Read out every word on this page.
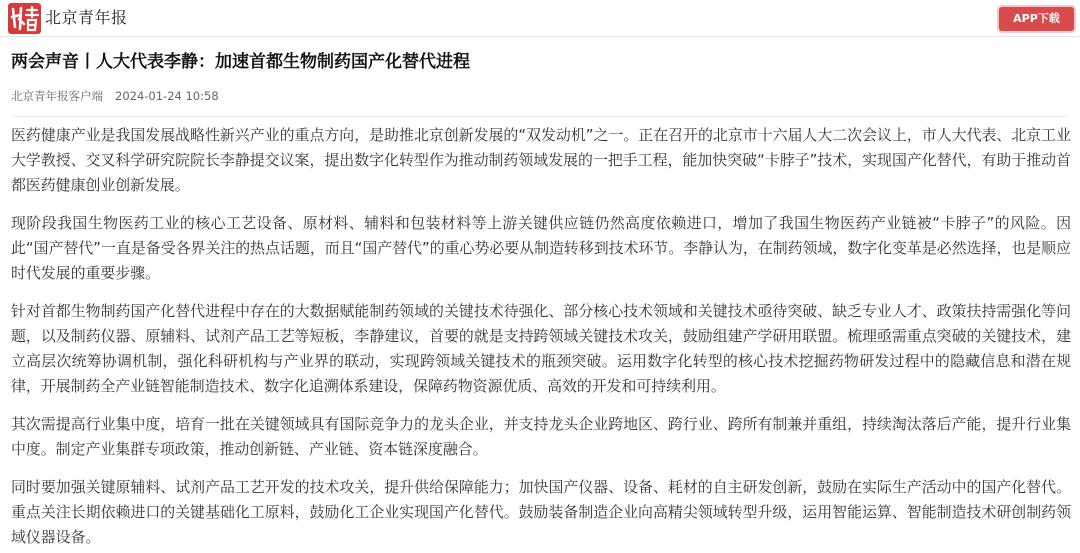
北京青年报	APP下载
两会声音丨人大代表李静：加速首都生物制药国产化替代进程
北京青年报客户端 2024-01-24 10:58

医药健康产业是我国发展战略性新兴产业的重点方向，是助推北京创新发展的“双发动机”之一。正在召开的北京市十六届人大二次会议上，市人大代表、北京工业大学教授、交叉科学研究院院长李静提交议案，提出数字化转型作为推动制药领域发展的一把手工程，能加快突破“卡脖子”技术，实现国产化替代，有助于推动首都医药健康创业创新发展。

现阶段我国生物医药工业的核心工艺设备、原材料、辅料和包装材料等上游关键供应链仍然高度依赖进口，增加了我国生物医药产业链被“卡脖子”的风险。因此“国产替代”一直是备受各界关注的热点话题，而且“国产替代”的重心势必要从制造转移到技术环节。李静认为，在制药领域，数字化变革是必然选择，也是顺应时代发展的重要步骤。

针对首都生物制药国产化替代进程中存在的大数据赋能制药领域的关键技术待强化、部分核心技术领域和关键技术亟待突破、缺乏专业人才、政策扶持需强化等问题，以及制药仪器、原辅料、试剂产品工艺等短板，李静建议，首要的就是支持跨领域关键技术攻关，鼓励组建产学研用联盟。梳理亟需重点突破的关键技术，建立高层次统筹协调机制，强化科研机构与产业界的联动，实现跨领域关键技术的瓶颈突破。运用数字化转型的核心技术挖掘药物研发过程中的隐藏信息和潜在规律，开展制药全产业链智能制造技术、数字化追溯体系建设，保障药物资源优质、高效的开发和可持续利用。

其次需提高行业集中度，培育一批在关键领域具有国际竞争力的龙头企业，并支持龙头企业跨地区、跨行业、跨所有制兼并重组，持续淘汰落后产能，提升行业集中度。制定产业集群专项政策，推动创新链、产业链、资本链深度融合。

同时要加强关键原辅料、试剂产品工艺开发的技术攻关，提升供给保障能力；加快国产仪器、设备、耗材的自主研发创新，鼓励在实际生产活动中的国产化替代。重点关注长期依赖进口的关键基础化工原料，鼓励化工企业实现国产化替代。鼓励装备制造企业向高精尖领域转型升级，运用智能运算、智能制造技术研创制药领域仪器设备。
